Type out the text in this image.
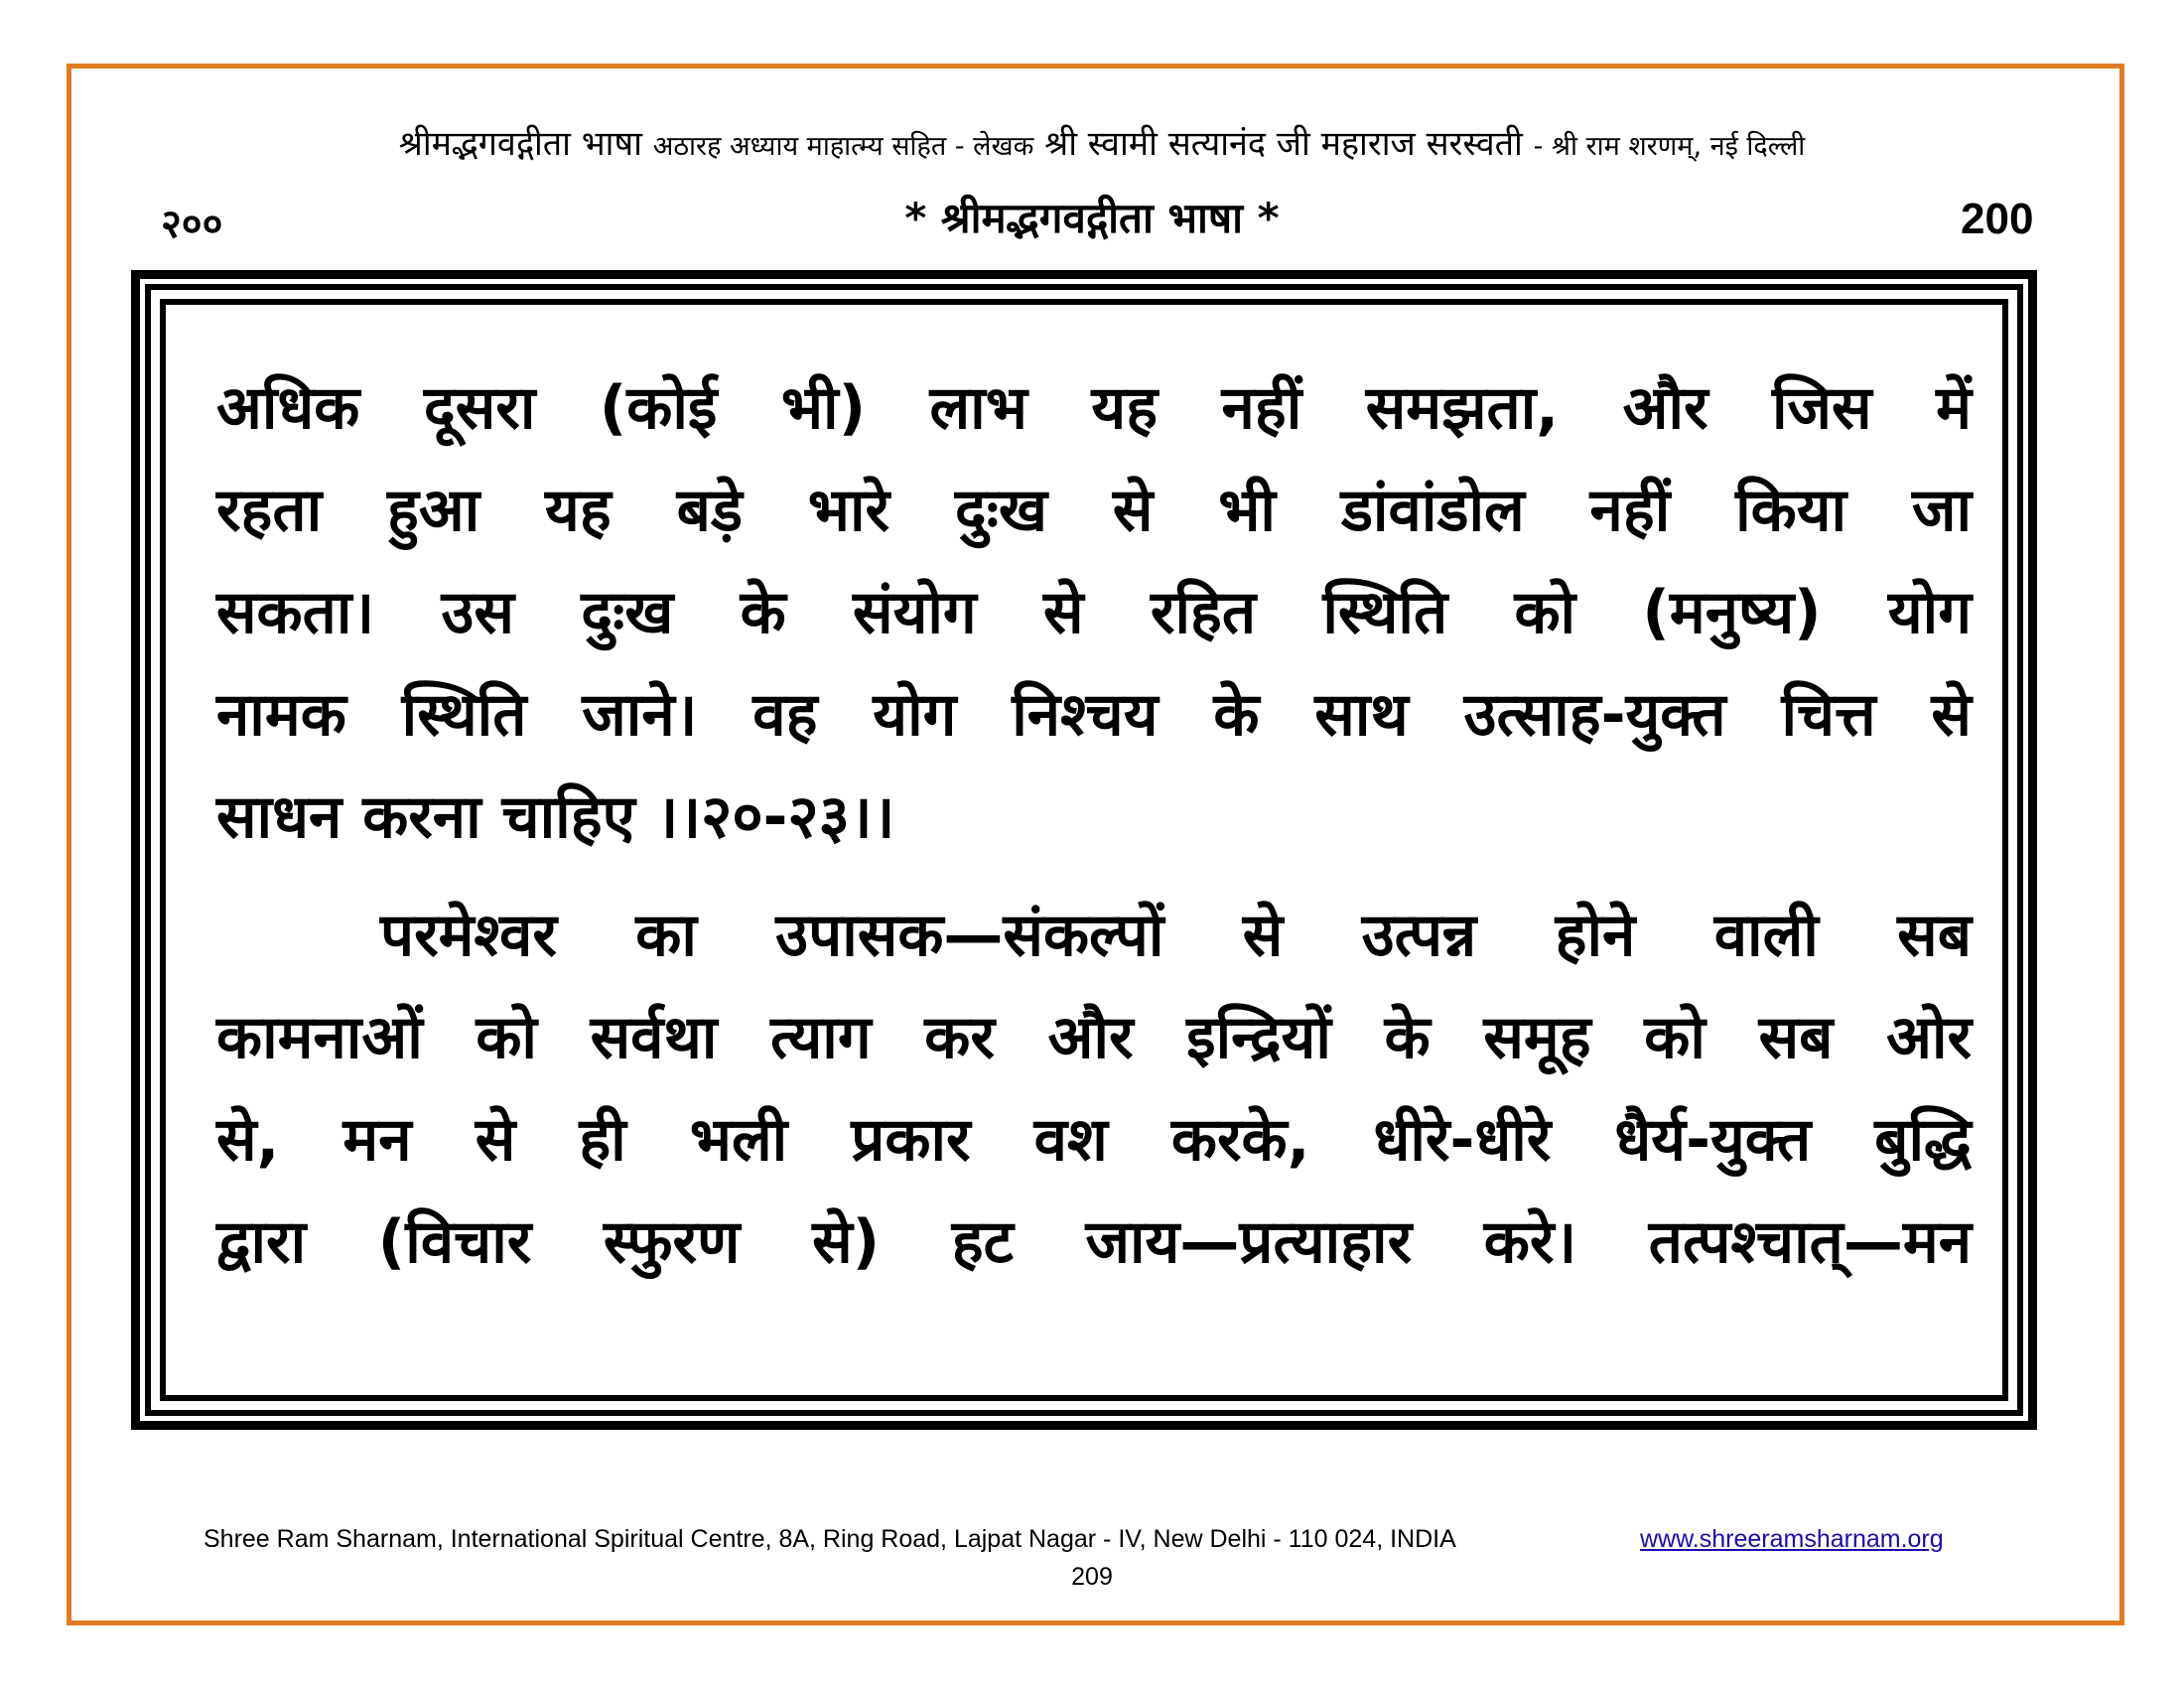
श्रीमद्भगवद्गीता भाषा अठारह अध्याय माहात्म्य सहित - लेखक श्री स्वामी सत्यानंद जी महाराज सरस्वती - श्री राम शरणम्, नई दिल्ली
२००	* श्रीमद्भगवद्गीता भाषा *	200
अधिक दूसरा (कोई भी) लाभ यह नहीं समझता, और जिस में
रहता हुआ यह बड़े भारे दुःख से भी डांवांडोल नहीं किया जा
सकता। उस दुःख के संयोग से रहित स्थिति को (मनुष्य) योग
नामक स्थिति जाने। वह योग निश्चय के साथ उत्साह-युक्त चित्त से
साधन करना चाहिए ।।२०-२३।।
परमेश्वर का उपासक—संकल्पों से उत्पन्न होने वाली सब
कामनाओं को सर्वथा त्याग कर और इन्द्रियों के समूह को सब ओर
से, मन से ही भली प्रकार वश करके, धीरे-धीरे धैर्य-युक्त बुद्धि
द्वारा (विचार स्फुरण से) हट जाय—प्रत्याहार करे। तत्पश्चात्—मन
Shree Ram Sharnam, International Spiritual Centre, 8A, Ring Road, Lajpat Nagar - IV, New Delhi - 110 024, INDIA	www.shreeramsharnam.org
209
